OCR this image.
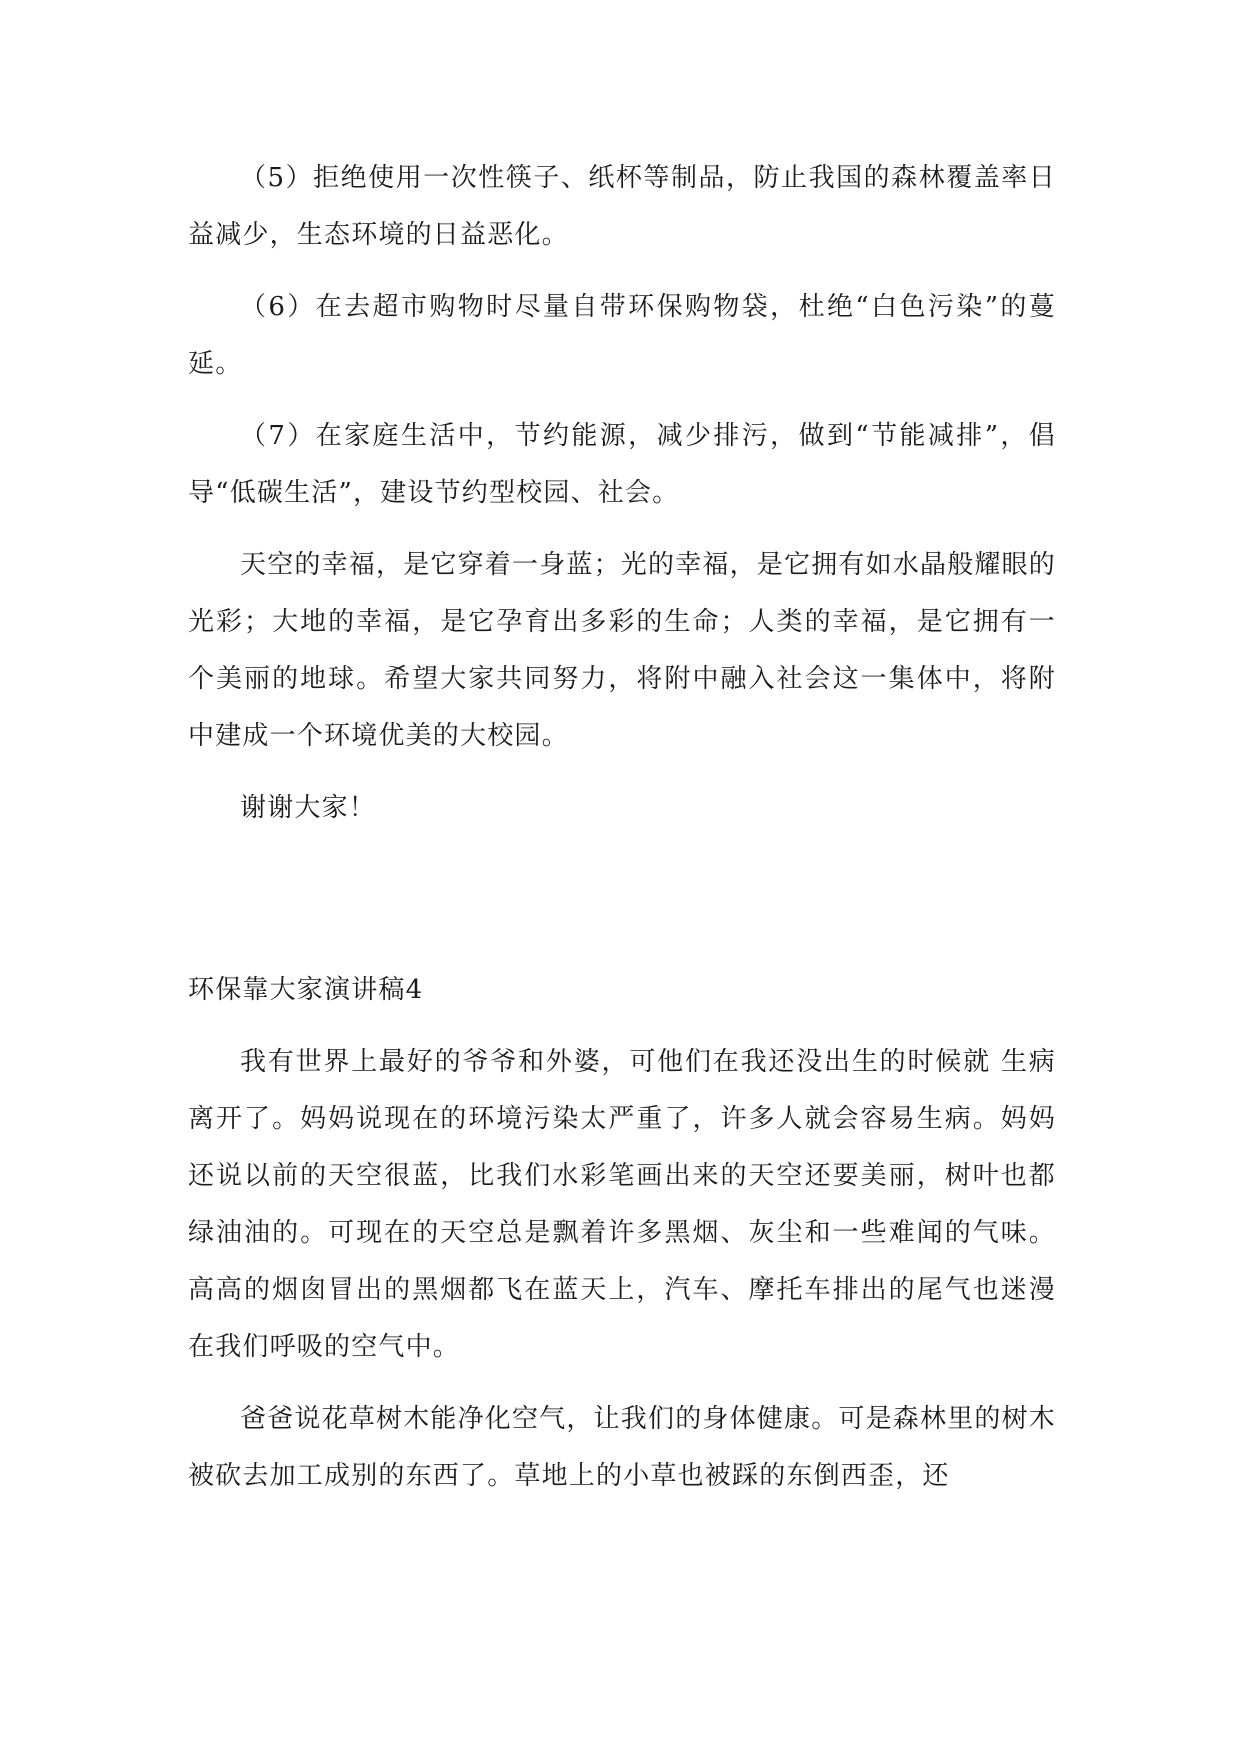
（5）拒绝使用一次性筷子、纸杯等制品，防止我国的森林覆盖率日益减少，生态环境的日益恶化。

（6）在去超市购物时尽量自带环保购物袋，杜绝“白色污染”的蔓延。

（7）在家庭生活中，节约能源，减少排污，做到“节能减排”，倡导“低碳生活”，建设节约型校园、社会。

天空的幸福，是它穿着一身蓝；光的幸福，是它拥有如水晶般耀眼的光彩；大地的幸福，是它孕育出多彩的生命；人类的幸福，是它拥有一个美丽的地球。希望大家共同努力，将附中融入社会这一集体中，将附中建成一个环境优美的大校园。

谢谢大家！

环保靠大家演讲稿4

我有世界上最好的爷爷和外婆，可他们在我还没出生的时候就 生病离开了。妈妈说现在的环境污染太严重了，许多人就会容易生病。妈妈还说以前的天空很蓝，比我们水彩笔画出来的天空还要美丽，树叶也都绿油油的。可现在的天空总是飘着许多黑烟、灰尘和一些难闻的气味。高高的烟囱冒出的黑烟都飞在蓝天上，汽车、摩托车排出的尾气也迷漫在我们呼吸的空气中。

爸爸说花草树木能净化空气，让我们的身体健康。可是森林里的树木被砍去加工成别的东西了。草地上的小草也被踩的东倒西歪，还
